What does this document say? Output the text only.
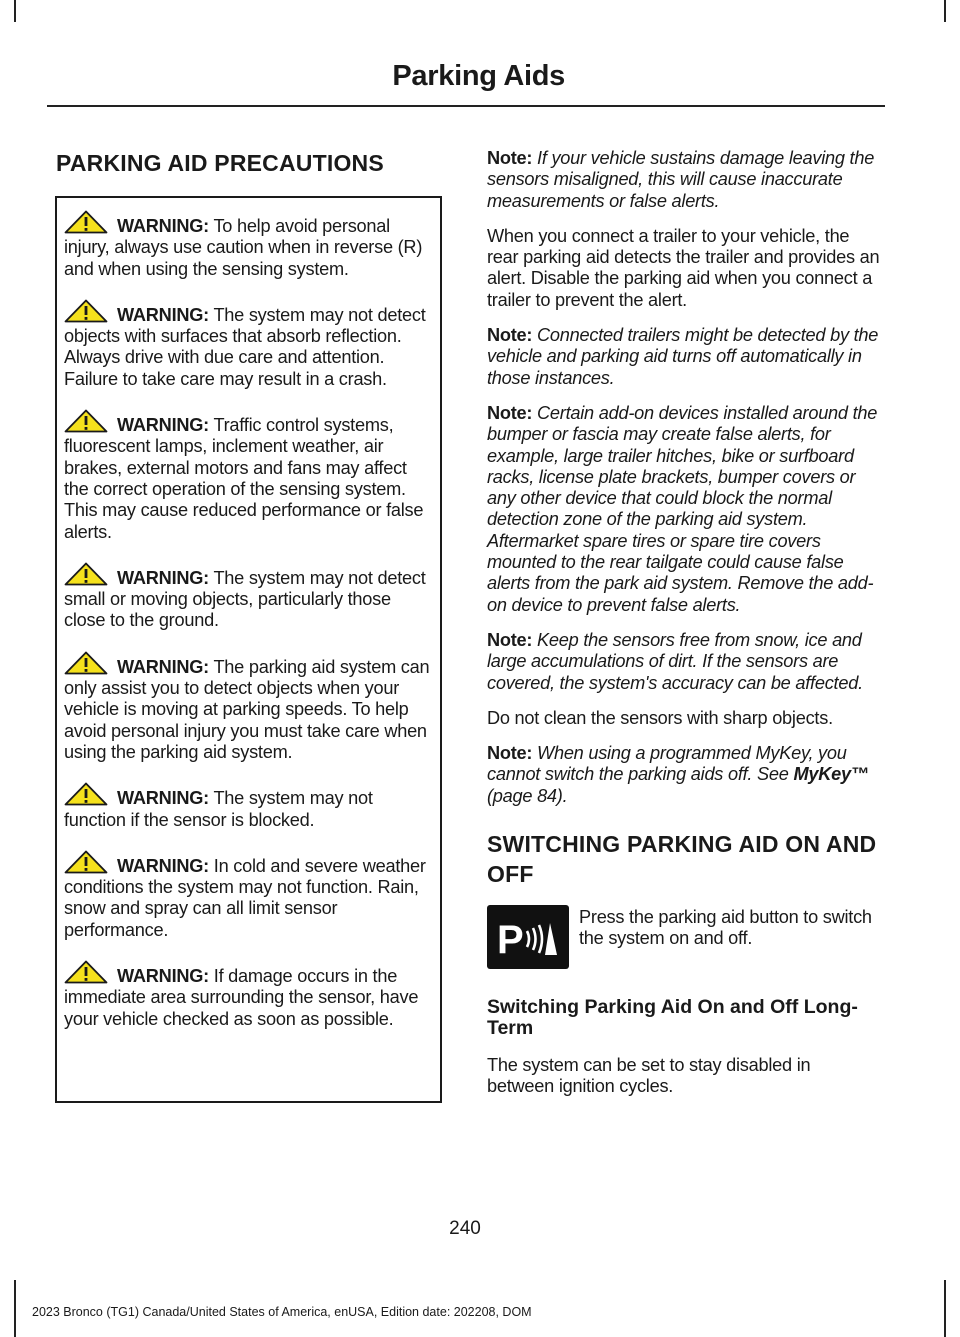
Parking Aids
PARKING AID PRECAUTIONS

WARNING: To help avoid personal injury, always use caution when in reverse (R) and when using the sensing system.

WARNING: The system may not detect objects with surfaces that absorb reflection. Always drive with due care and attention. Failure to take care may result in a crash.

WARNING: Traffic control systems, fluorescent lamps, inclement weather, air brakes, external motors and fans may affect the correct operation of the sensing system. This may cause reduced performance or false alerts.

WARNING: The system may not detect small or moving objects, particularly those close to the ground.

WARNING: The parking aid system can only assist you to detect objects when your vehicle is moving at parking speeds. To help avoid personal injury you must take care when using the parking aid system.

WARNING: The system may not function if the sensor is blocked.

WARNING: In cold and severe weather conditions the system may not function. Rain, snow and spray can all limit sensor performance.

WARNING: If damage occurs in the immediate area surrounding the sensor, have your vehicle checked as soon as possible.

Note: If your vehicle sustains damage leaving the sensors misaligned, this will cause inaccurate measurements or false alerts.

When you connect a trailer to your vehicle, the rear parking aid detects the trailer and provides an alert. Disable the parking aid when you connect a trailer to prevent the alert.

Note: Connected trailers might be detected by the vehicle and parking aid turns off automatically in those instances.

Note: Certain add-on devices installed around the bumper or fascia may create false alerts, for example, large trailer hitches, bike or surfboard racks, license plate brackets, bumper covers or any other device that could block the normal detection zone of the parking aid system. Aftermarket spare tires or spare tire covers mounted to the rear tailgate could cause false alerts from the park aid system. Remove the add-on device to prevent false alerts.

Note: Keep the sensors free from snow, ice and large accumulations of dirt. If the sensors are covered, the system's accuracy can be affected.

Do not clean the sensors with sharp objects.

Note: When using a programmed MyKey, you cannot switch the parking aids off. See MyKey™ (page 84).

SWITCHING PARKING AID ON AND OFF
P
Press the parking aid button to switch the system on and off.
Switching Parking Aid On and Off Long-Term

The system can be set to stay disabled in between ignition cycles.

240
2023 Bronco (TG1) Canada/United States of America, enUSA, Edition date: 202208, DOM
